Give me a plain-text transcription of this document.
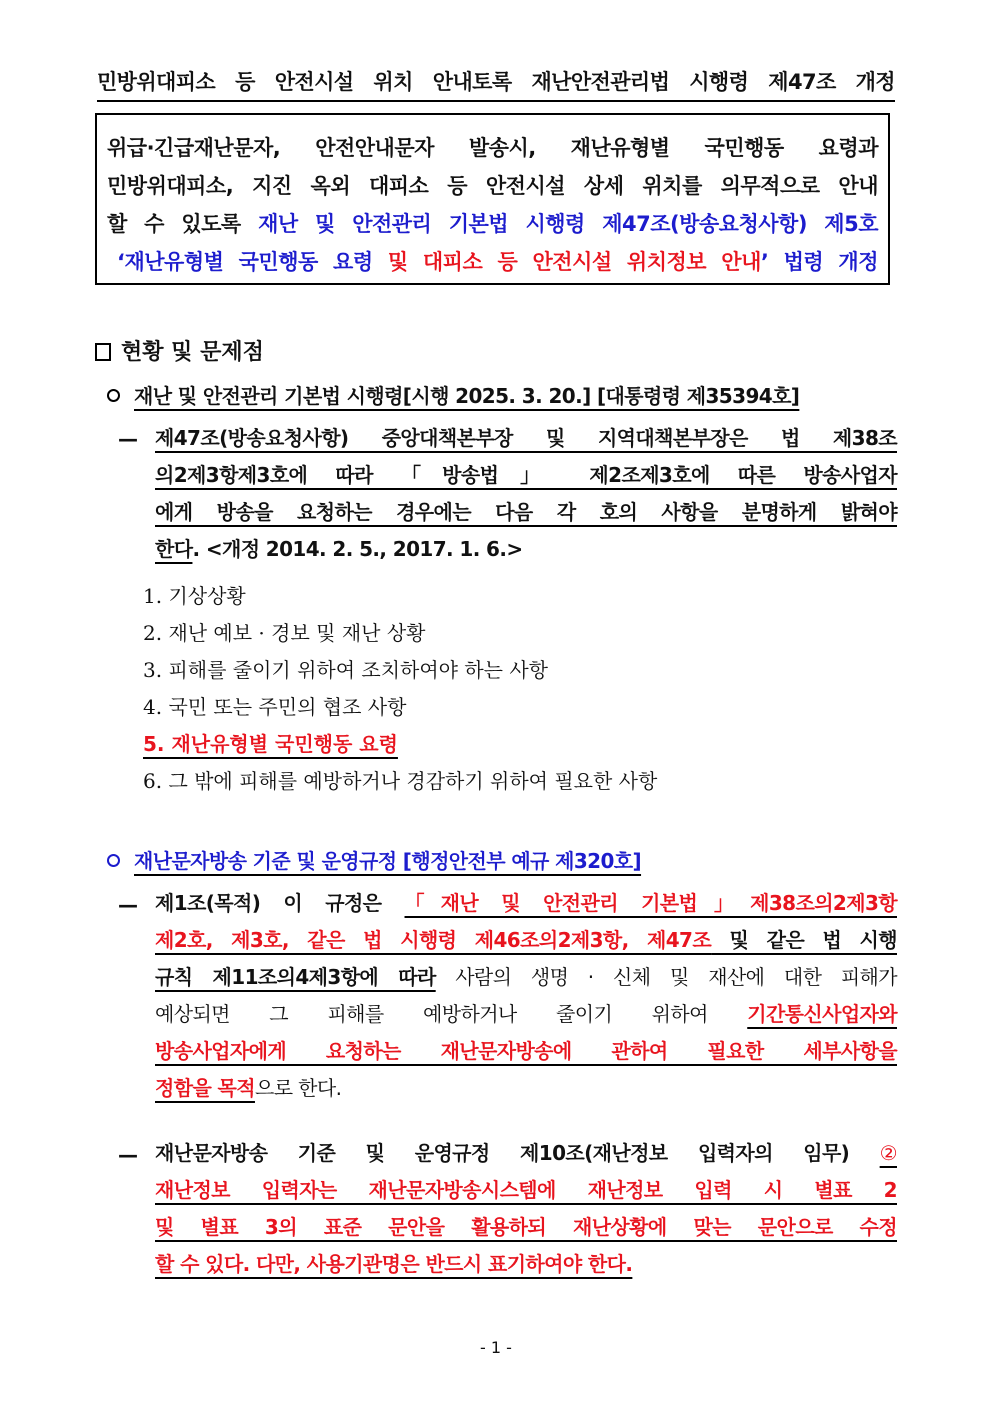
민방위대피소 등 안전시설 위치 안내토록 재난안전관리법 시행령 제47조 개정
위급·긴급재난문자, 안전안내문자 발송시, 재난유형별 국민행동 요령과
민방위대피소, 지진 옥외 대피소 등 안전시설 상세 위치를 의무적으로 안내
할 수 있도록 재난 및 안전관리 기본법 시행령 제47조(방송요청사항) 제5호
‘재난유형별 국민행동 요령 및 대피소 등 안전시설 위치정보 안내’ 법령 개정
현황 및 문제점
재난 및 안전관리 기본법 시행령[시행 2025. 3. 20.] [대통령령 제35394호]
— 제47조(방송요청사항) 중앙대책본부장 및 지역대책본부장은 법 제38조
의2제3항제3호에 따라 「방송법」 제2조제3호에 따른 방송사업자
에게 방송을 요청하는 경우에는 다음 각 호의 사항을 분명하게 밝혀야
한다. <개정 2014. 2. 5., 2017. 1. 6.>
1. 기상상황
2. 재난 예보 · 경보 및 재난 상황
3. 피해를 줄이기 위하여 조치하여야 하는 사항
4. 국민 또는 주민의 협조 사항
5. 재난유형별 국민행동 요령
6. 그 밖에 피해를 예방하거나 경감하기 위하여 필요한 사항
재난문자방송 기준 및 운영규정 [행정안전부 예규 제320호]
— 제1조(목적) 이 규정은 「재난 및 안전관리 기본법」제38조의2제3항
제2호, 제3호, 같은 법 시행령 제46조의2제3항, 제47조 및 같은 법 시행
규칙 제11조의4제3항에 따라 사람의 생명 · 신체 및 재산에 대한 피해가
예상되면 그 피해를 예방하거나 줄이기 위하여 기간통신사업자와
방송사업자에게 요청하는 재난문자방송에 관하여 필요한 세부사항을
정함을 목적으로 한다.
— 재난문자방송 기준 및 운영규정 제10조(재난정보 입력자의 임무) ②
재난정보 입력자는 재난문자방송시스템에 재난정보 입력 시 별표 2
및 별표 3의 표준 문안을 활용하되 재난상황에 맞는 문안으로 수정
할 수 있다. 다만, 사용기관명은 반드시 표기하여야 한다.
- 1 -
